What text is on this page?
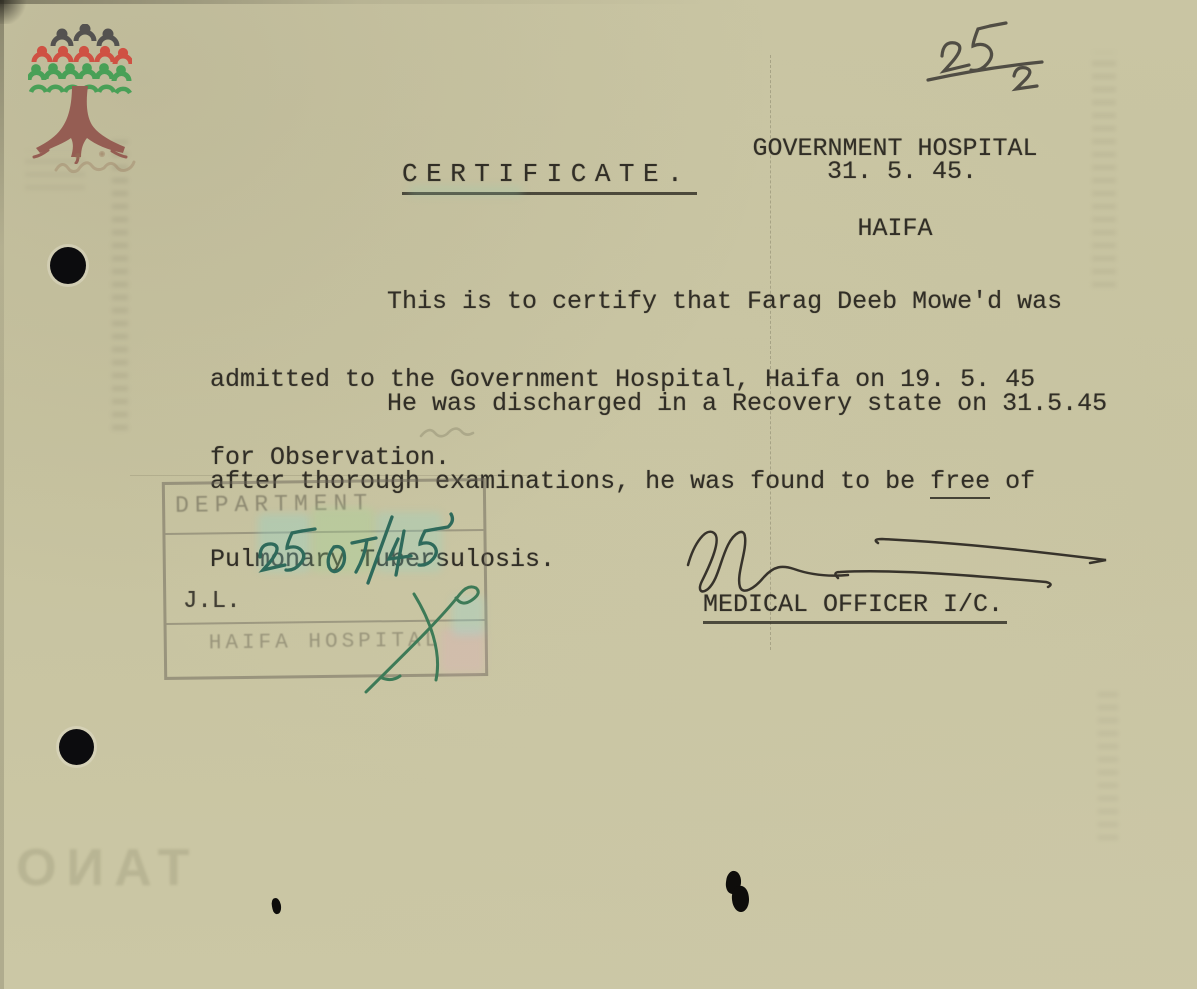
GOVERNMENT HOSPITAL

HAIFA

CERTIFICATE.	31. 5. 45.

This is to certify that Farag Deeb Mowe'd was

admitted to the Government Hospital, Haifa on 19. 5. 45

for Observation.

He was discharged in a Recovery state on 31.5.45

after thorough examinations, he was found to be free of

Pulmonary Tubersulosis.

DEPARTMENT
HAIFA HOSPITAL
J.L.	MEDICAL OFFICER I/C.
TANO
